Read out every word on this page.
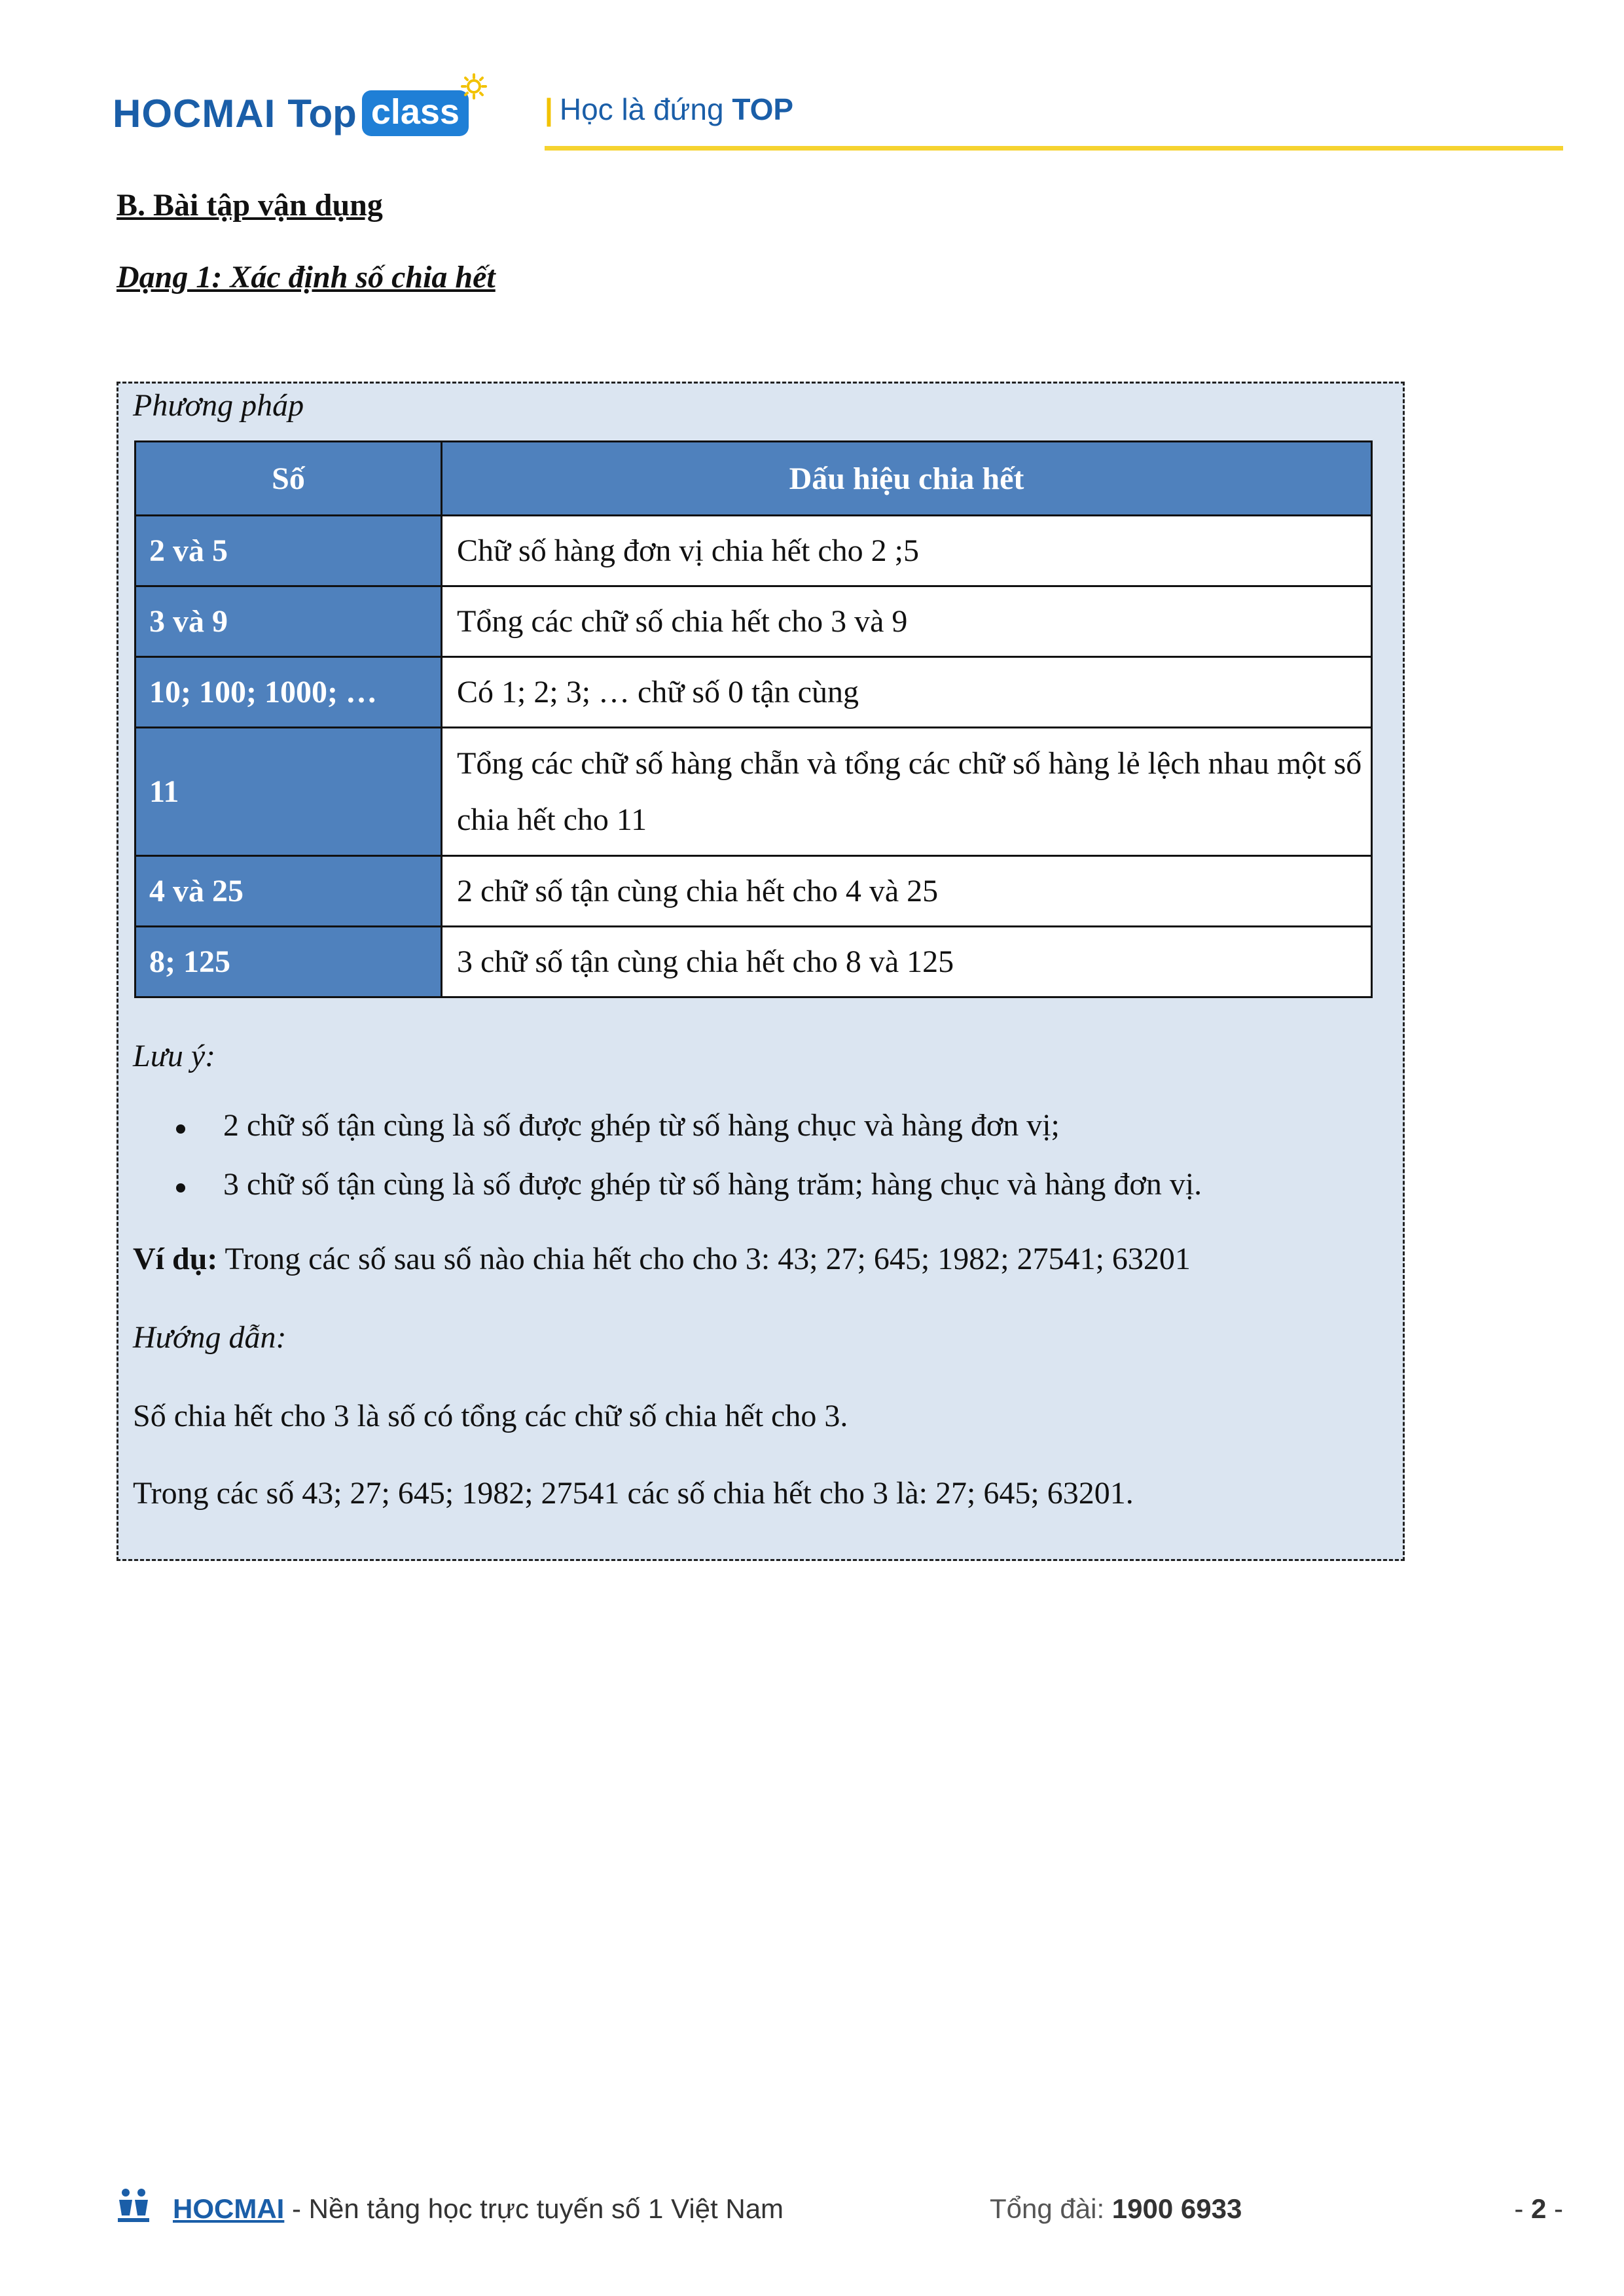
HOCMAI Top class	| Học là đứng TOP
B. Bài tập vận dụng
Dạng 1: Xác định số chia hết
Phương pháp
Số	Dấu hiệu chia hết
2 và 5	Chữ số hàng đơn vị chia hết cho 2 ;5
3 và 9	Tổng các chữ số chia hết cho 3 và 9
10; 100; 1000; …	Có 1; 2; 3; … chữ số 0 tận cùng
11	Tổng các chữ số hàng chẵn và tổng các chữ số hàng lẻ lệch nhau một số chia hết cho 11
4 và 25	2 chữ số tận cùng chia hết cho 4 và 25
8; 125	3 chữ số tận cùng chia hết cho 8 và 125
Lưu ý:
2 chữ số tận cùng là số được ghép từ số hàng chục và hàng đơn vị;
3 chữ số tận cùng là số được ghép từ số hàng trăm; hàng chục và hàng đơn vị.
Ví dụ: Trong các số sau số nào chia hết cho cho 3: 43; 27; 645; 1982; 27541; 63201
Hướng dẫn:
Số chia hết cho 3 là số có tổng các chữ số chia hết cho 3.
Trong các số 43; 27; 645; 1982; 27541 các số chia hết cho 3 là: 27; 645; 63201.
HOCMAI - Nền tảng học trực tuyến số 1 Việt Nam	Tổng đài: 1900 6933	- 2 -
